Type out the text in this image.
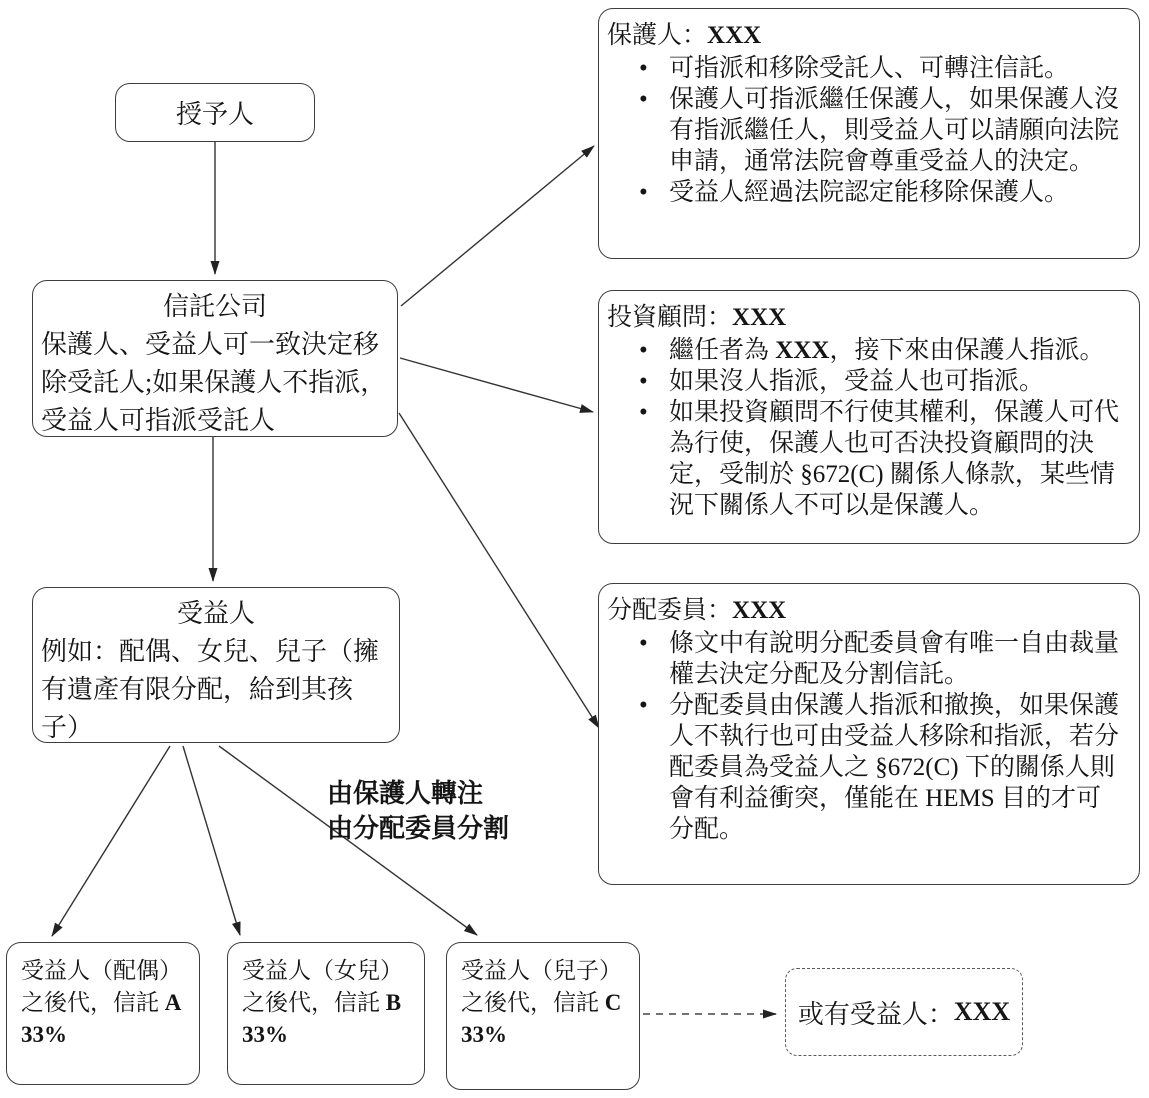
授予人
信託公司
保護人、受益人可一致決定移除受託人;如果保護人不指派，受益人可指派受託人
受益人
例如：配偶、女兒、兒子（擁有遺產有限分配，給到其孩子）
由保護人轉注
由分配委員分割
受益人（配偶）
之後代，信託 A
33%
受益人（女兒）
之後代，信託 B
33%
受益人（兒子）
之後代，信託 C
33%
或有受益人： XXX
保護人：XXX
• 可指派和移除受託人、可轉注信託。
• 保護人可指派繼任保護人，如果保護人沒有指派繼任人，則受益人可以請願向法院申請，通常法院會尊重受益人的決定。
• 受益人經過法院認定能移除保護人。
投資顧問：XXX
• 繼任者為 XXX，接下來由保護人指派。
• 如果沒人指派，受益人也可指派。
• 如果投資顧問不行使其權利，保護人可代為行使，保護人也可否決投資顧問的決定，受制於 §672(C) 關係人條款，某些情況下關係人不可以是保護人。
分配委員：XXX
• 條文中有說明分配委員會有唯一自由裁量權去決定分配及分割信託。
• 分配委員由保護人指派和撤換，如果保護人不執行也可由受益人移除和指派，若分配委員為受益人之 §672(C) 下的關係人則會有利益衝突，僅能在 HEMS 目的才可分配。
